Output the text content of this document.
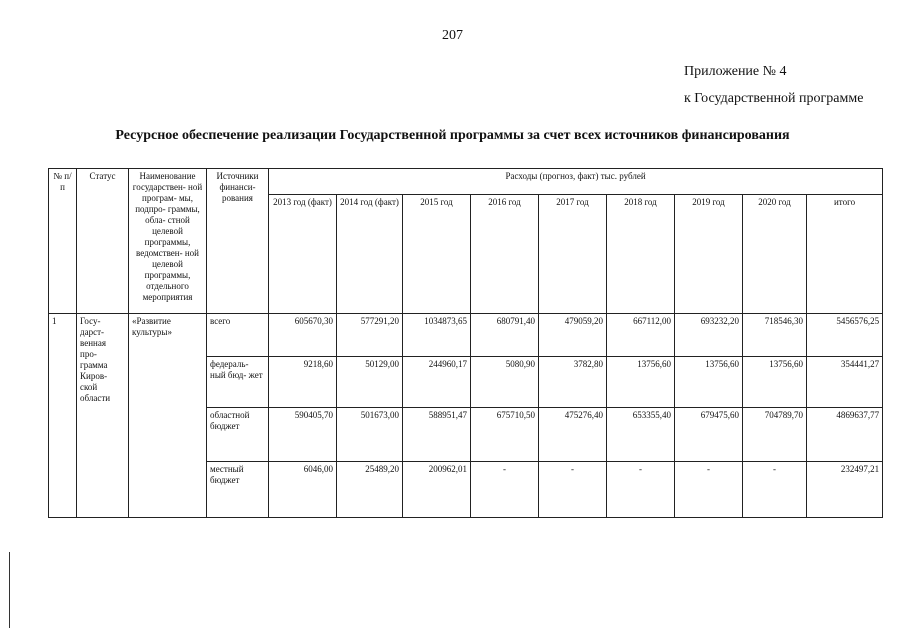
207
Приложение № 4
к Государственной программе
Ресурсное обеспечение реализации Государственной программы за счет всех источников финансирования
№ п/п	Статус	Наименование государствен- ной програм- мы, подпро- граммы, обла- стной целевой программы, ведомствен- ной целевой программы, отдельного мероприятия	Источники финанси- рования	Расходы (прогноз, факт) тыс. рублей								
				2013 год (факт)	2014 год (факт)	2015 год	2016 год	2017 год	2018 год	2019 год	2020 год	итого
1	Госу- дарст- венная про- грамма Киров- ской области	«Развитие культуры»	всего	605670,30	577291,20	1034873,65	680791,40	479059,20	667112,00	693232,20	718546,30	5456576,25
			федераль- ный бюд- жет	9218,60	50129,00	244960,17	5080,90	3782,80	13756,60	13756,60	13756,60	354441,27
			областной бюджет	590405,70	501673,00	588951,47	675710,50	475276,40	653355,40	679475,60	704789,70	4869637,77
			местный бюджет	6046,00	25489,20	200962,01	-	-	-	-	-	232497,21
